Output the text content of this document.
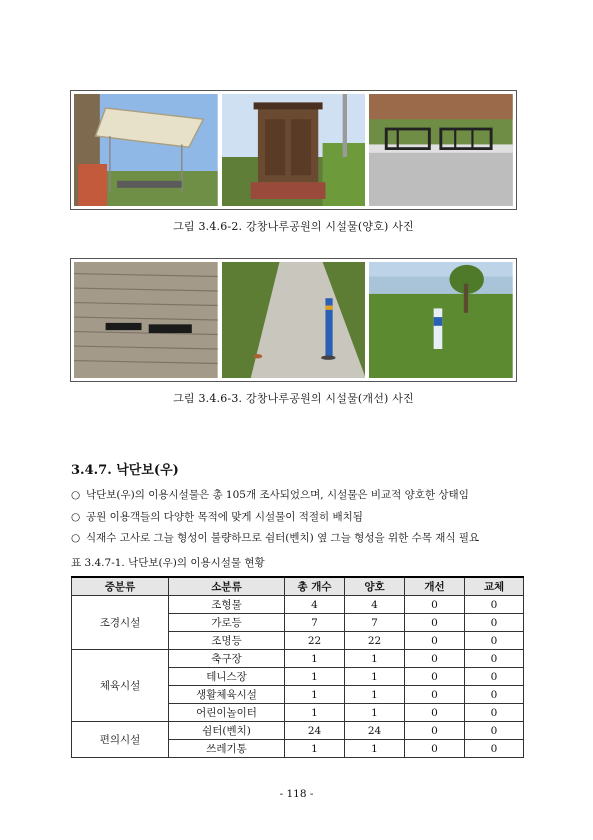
그림 3.4.6-2. 강창나루공원의 시설물(양호) 사진
그림 3.4.6-3. 강창나루공원의 시설물(개선) 사진
3.4.7. 낙단보(우)
○ 낙단보(우)의 이용시설물은 총 105개 조사되었으며, 시설물은 비교적 양호한 상태임
○ 공원 이용객들의 다양한 목적에 맞게 시설물이 적절히 배치됨
○ 식재수 고사로 그늘 형성이 불량하므로 쉼터(벤치) 옆 그늘 형성을 위한 수목 재식 필요
표 3.4.7-1. 낙단보(우)의 이용시설물 현황
중분류	소분류	총 개수	양호	개선	교체
조경시설	조형물	4	4	0	0
	가로등	7	7	0	0
	조명등	22	22	0	0
체육시설	축구장	1	1	0	0
	테니스장	1	1	0	0
	생활체육시설	1	1	0	0
	어린이놀이터	1	1	0	0
편의시설	쉼터(벤치)	24	24	0	0
	쓰레기통	1	1	0	0
- 118 -
